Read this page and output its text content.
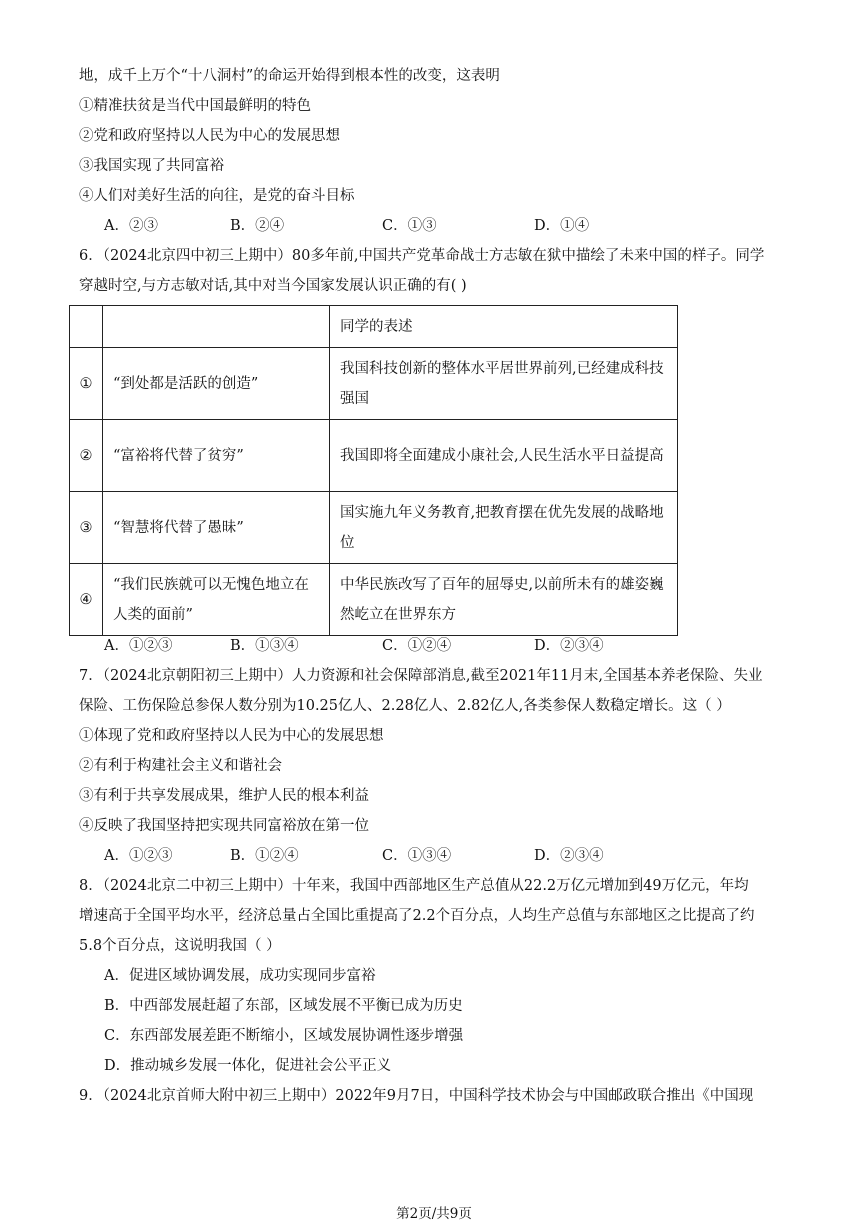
地，成千上万个“十八洞村”的命运开始得到根本性的改变，这表明
①精准扶贫是当代中国最鲜明的特色
②党和政府坚持以人民为中心的发展思想
③我国实现了共同富裕
④人们对美好生活的向往，是党的奋斗目标
A．②③	B．②④	C．①③	D．①④
6．（2024北京四中初三上期中）80多年前,中国共产党革命战士方志敏在狱中描绘了未来中国的样子。同学
穿越时空,与方志敏对话,其中对当今国家发展认识正确的有( )
		同学的表述
①	“到处都是活跃的创造”	我国科技创新的整体水平居世界前列,已经建成科技强国
②	“富裕将代替了贫穷”	我国即将全面建成小康社会,人民生活水平日益提高
③	“智慧将代替了愚昧”	国实施九年义务教育,把教育摆在优先发展的战略地位
④	“我们民族就可以无愧色地立在人类的面前”	中华民族改写了百年的屈辱史,以前所未有的雄姿巍然屹立在世界东方
A．①②③	B．①③④	C．①②④	D．②③④
7．（2024北京朝阳初三上期中）人力资源和社会保障部消息,截至2021年11月末,全国基本养老保险、失业
保险、工伤保险总参保人数分别为10.25亿人、2.28亿人、2.82亿人,各类参保人数稳定增长。这（ ）
①体现了党和政府坚持以人民为中心的发展思想
②有利于构建社会主义和谐社会
③有利于共享发展成果，维护人民的根本利益
④反映了我国坚持把实现共同富裕放在第一位
A．①②③	B．①②④	C．①③④	D．②③④
8．（2024北京二中初三上期中）十年来，我国中西部地区生产总值从22.2万亿元增加到49万亿元，年均
增速高于全国平均水平，经济总量占全国比重提高了2.2个百分点，人均生产总值与东部地区之比提高了约
5.8个百分点，这说明我国（ ）
A．促进区域协调发展，成功实现同步富裕
B．中西部发展赶超了东部，区域发展不平衡已成为历史
C．东西部发展差距不断缩小，区域发展协调性逐步增强
D．推动城乡发展一体化，促进社会公平正义
9．（2024北京首师大附中初三上期中）2022年9月7日，中国科学技术协会与中国邮政联合推出《中国现
第2页/共9页
